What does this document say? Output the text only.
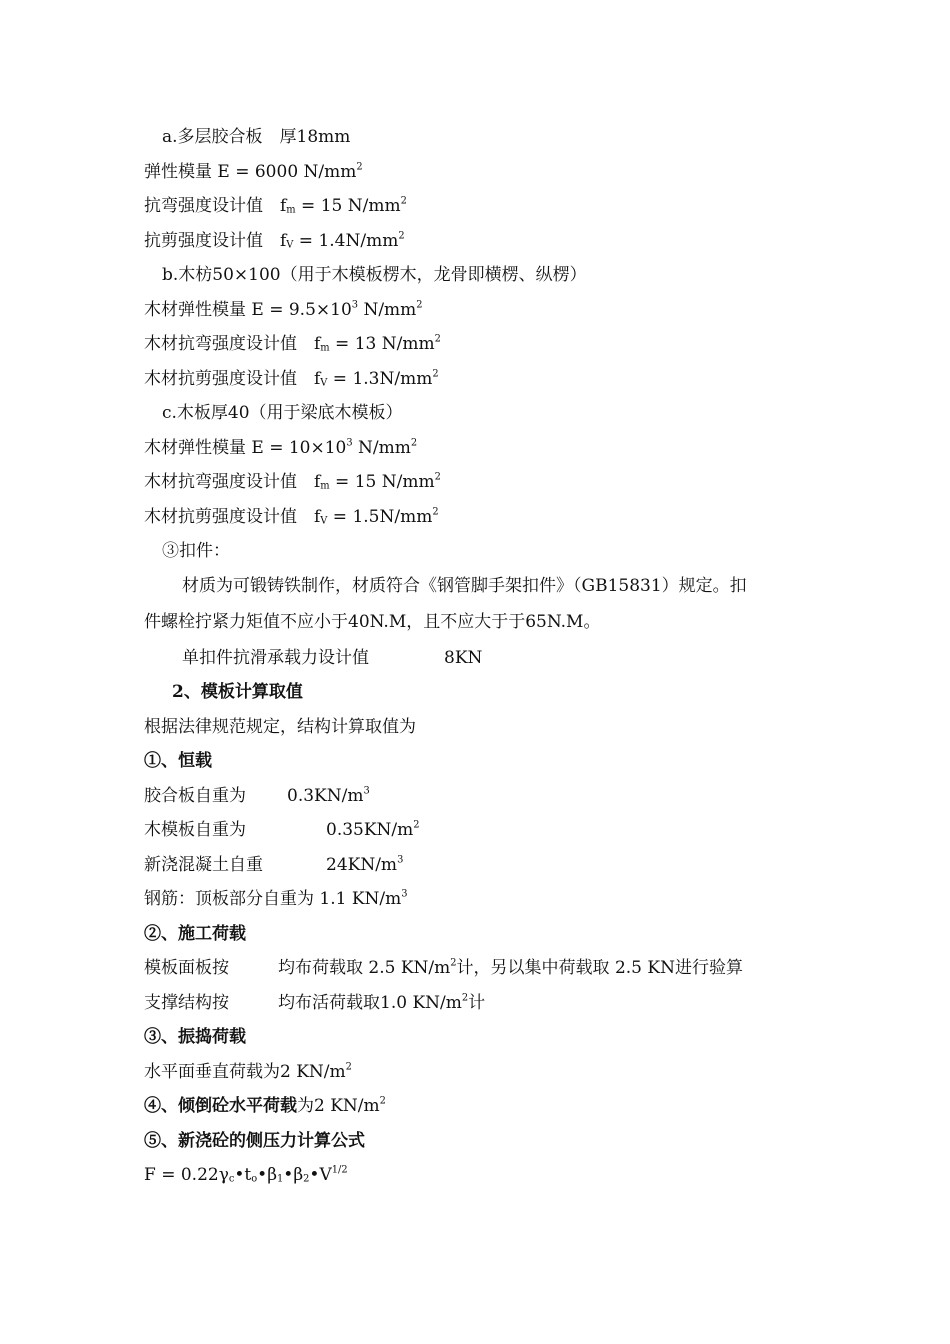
a.多层胶合板　厚18mm

弹性模量 E = 6000 $N/mm^2$

抗弯强度设计值　$f_m = 15$ $N/mm^2$

抗剪强度设计值　$f_V = 1.4N/mm^2$

b.木枋50×100（用于木模板楞木，龙骨即横楞、纵楞）

木材弹性模量 $E = 9.5\times 10^3$ $N/mm^2$

木材抗弯强度设计值　$f_m = 13$ $N/mm^2$

木材抗剪强度设计值　$f_V = 1.3N/mm^2$

c.木板厚40（用于梁底木模板）

木材弹性模量 $E = 10\times 10^3$ $N/mm^2$

木材抗弯强度设计值　$f_m = 15$ $N/mm^2$

木材抗剪强度设计值　$f_V = 1.5N/mm^2$

③扣件：

材质为可锻铸铁制作，材质符合《钢管脚手架扣件》（GB15831）规定。扣

件螺栓拧紧力矩值不应小于40N.M，且不应大于于65N.M。

单扣件抗滑承载力设计值	8KN

2、模板计算取值

根据法律规范规定，结构计算取值为

①、恒载

胶合板自重为 $0.3KN/m^3$

木模板自重为	$0.35KN/m^2$

新浇混凝土自重	$24KN/m^3$

钢筋：顶板部分自重为 1.1 $KN/m^3$

②、施工荷载

模板面板按	均布荷载取 2.5 $KN/m^2$计，另以集中荷载取 2.5 KN进行验算

支撑结构按	均布活荷载取1.0 $KN/m^2$计

③、振捣荷载

水平面垂直荷载为2 $KN/m^2$

④、倾倒砼水平荷载为2 $KN/m^2$

⑤、新浇砼的侧压力计算公式

$F = 0.22\gamma_c•t_o•\beta_1•\beta_2•V^{1/2}$
